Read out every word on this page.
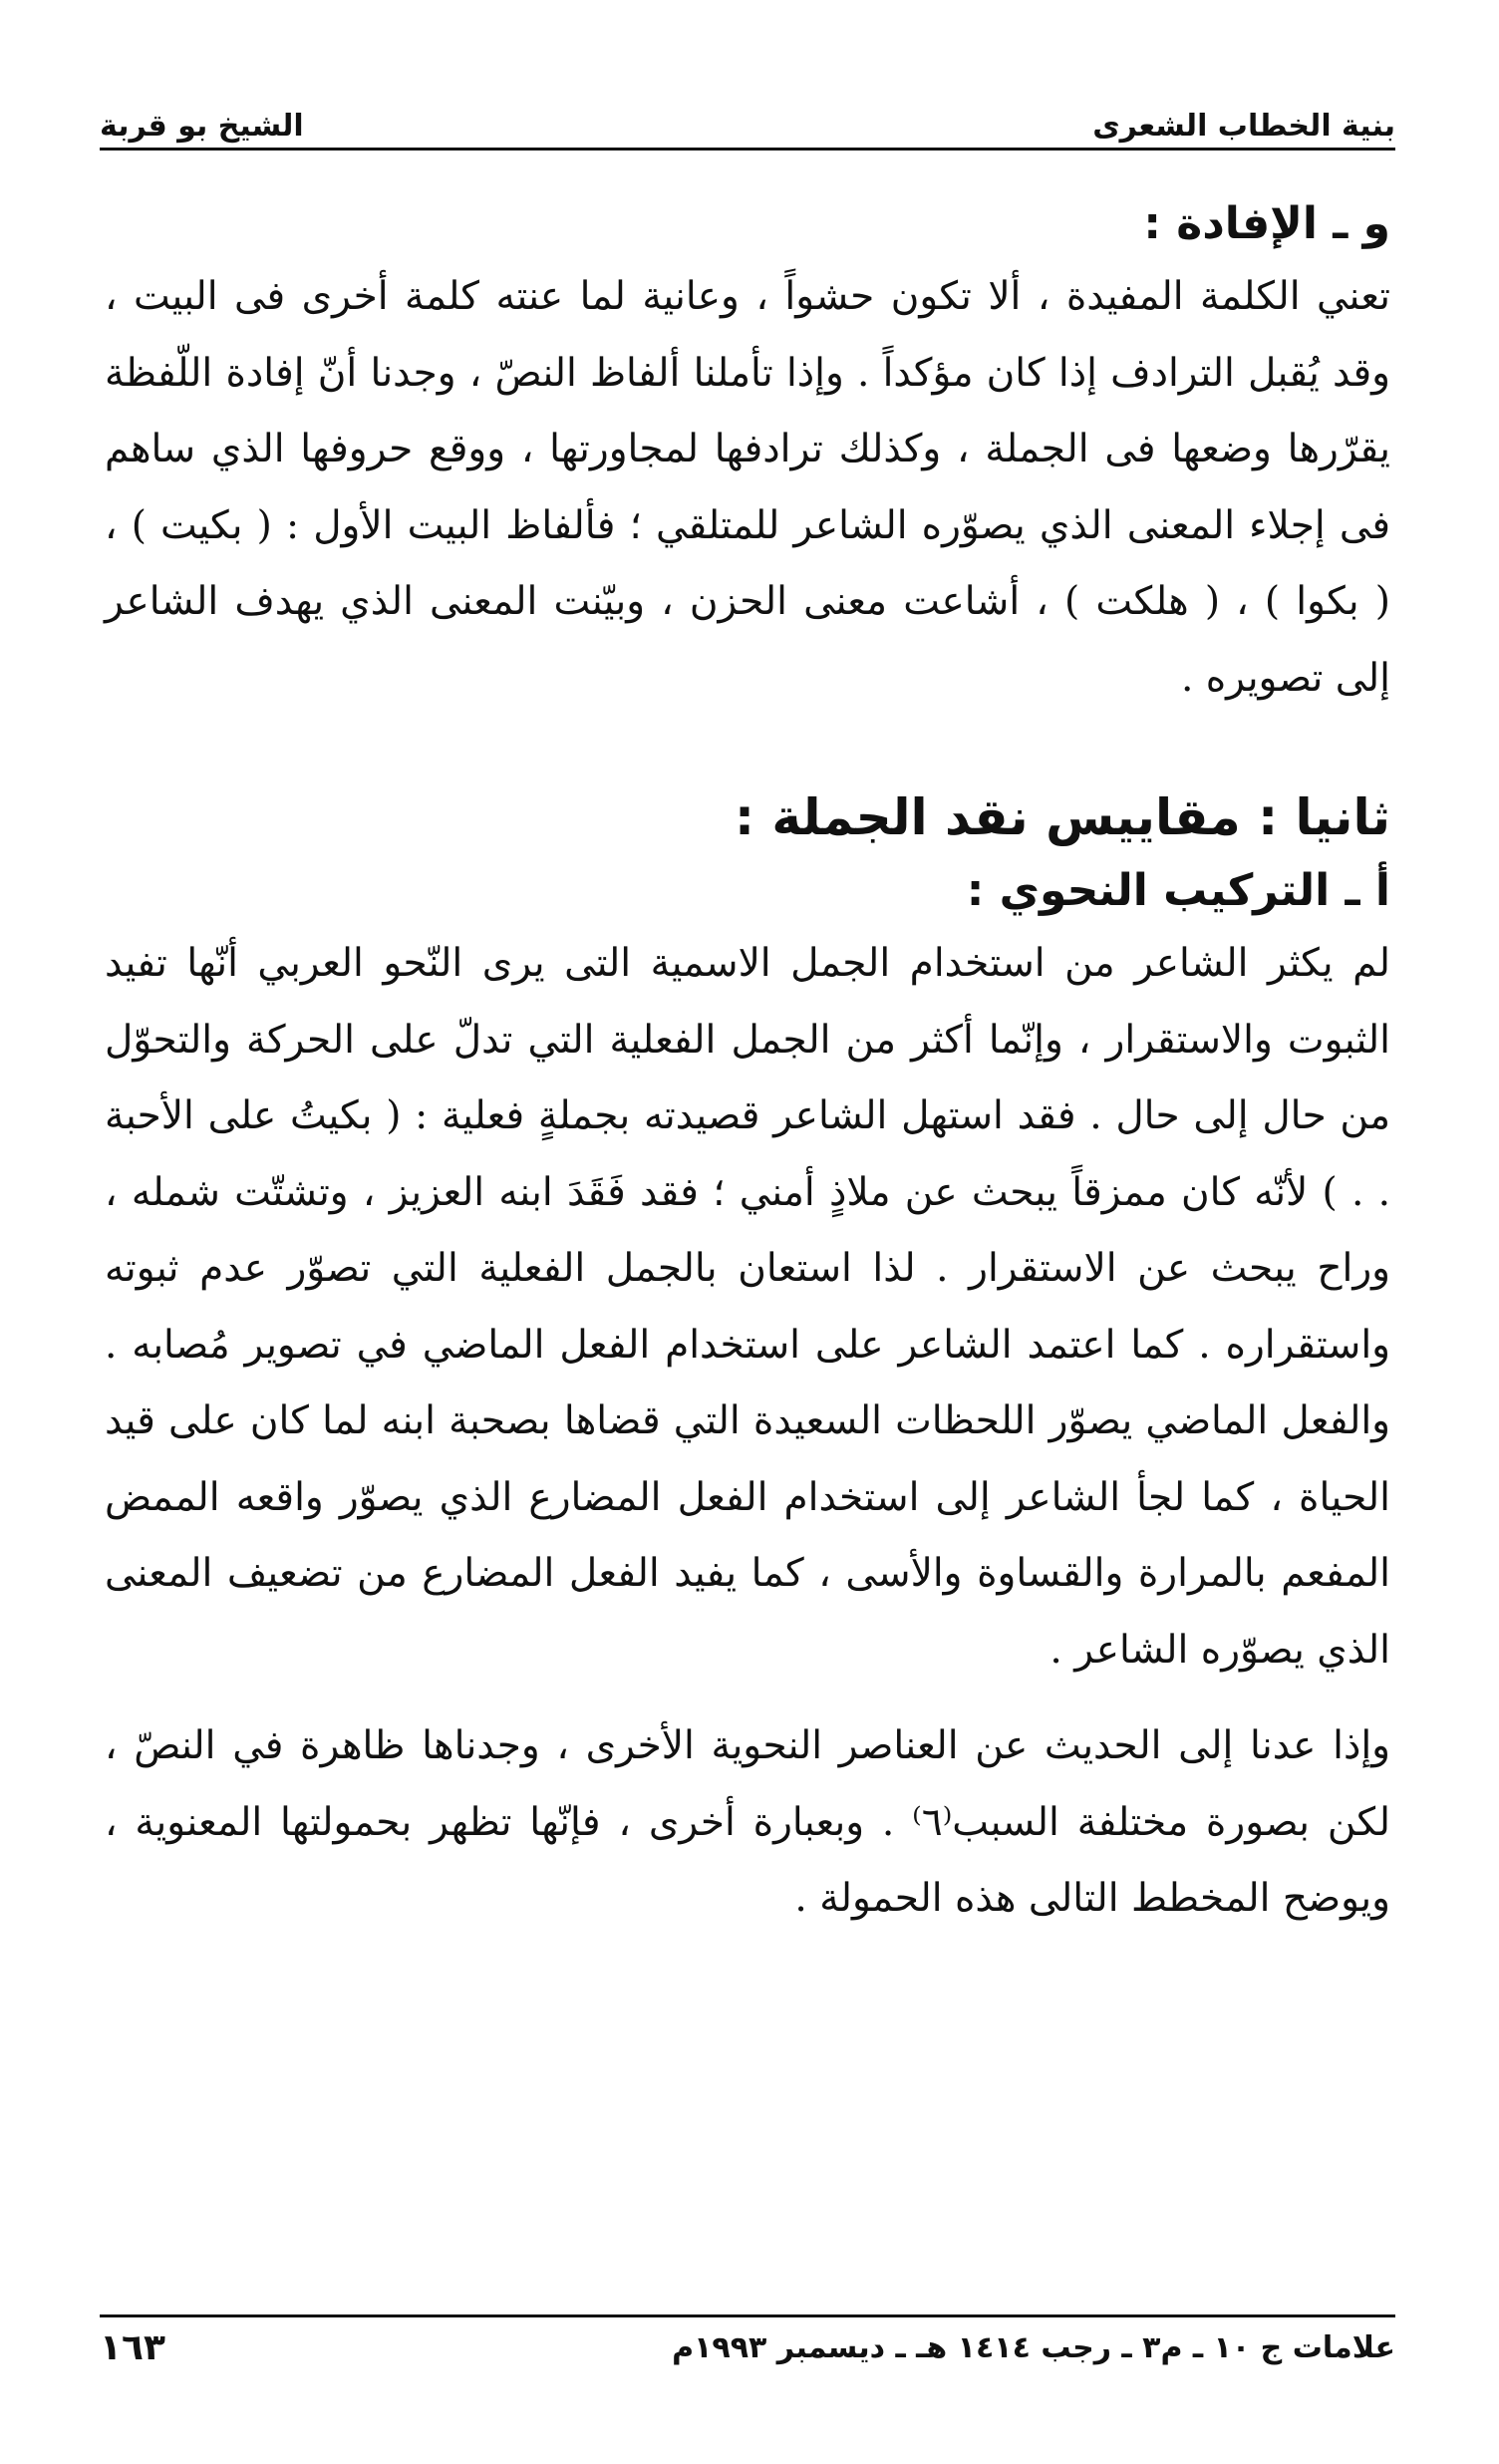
بنية الخطاب الشعرى
الشيخ بو قربة
و ـ الإفادة :

تعني الكلمة المفيدة ، ألا تكون حشواً ، وعانية لما عنته كلمة أخرى فى البيت ، وقد يُقبل الترادف إذا كان مؤكداً . وإذا تأملنا ألفاظ النصّ ، وجدنا أنّ إفادة اللّفظة يقرّرها وضعها فى الجملة ، وكذلك ترادفها لمجاورتها ، ووقع حروفها الذي ساهم فى إجلاء المعنى الذي يصوّره الشاعر للمتلقي ؛ فألفاظ البيت الأول : ( بكيت ) ، ( بكوا ) ، ( هلكت ) ، أشاعت معنى الحزن ، وبيّنت المعنى الذي يهدف الشاعر إلى تصويره .

ثانيا : مقاييس نقد الجملة :
أ ـ التركيب النحوي :

لم يكثر الشاعر من استخدام الجمل الاسمية التى يرى النّحو العربي أنّها تفيد الثبوت والاستقرار ، وإنّما أكثر من الجمل الفعلية التي تدلّ على الحركة والتحوّل من حال إلى حال . فقد استهل الشاعر قصيدته بجملةٍ فعلية : ( بكيتُ على الأحبة . . ) لأنّه كان ممزقاً يبحث عن ملاذٍ أمني ؛ فقد فَقَدَ ابنه العزيز ، وتشتّت شمله ، وراح يبحث عن الاستقرار . لذا استعان بالجمل الفعلية التي تصوّر عدم ثبوته واستقراره . كما اعتمد الشاعر على استخدام الفعل الماضي في تصوير مُصابه . والفعل الماضي يصوّر اللحظات السعيدة التي قضاها بصحبة ابنه لما كان على قيد الحياة ، كما لجأ الشاعر إلى استخدام الفعل المضارع الذي يصوّر واقعه الممض المفعم بالمرارة والقساوة والأسى ، كما يفيد الفعل المضارع من تضعيف المعنى الذي يصوّره الشاعر .

وإذا عدنا إلى الحديث عن العناصر النحوية الأخرى ، وجدناها ظاهرة في النصّ ، لكن بصورة مختلفة السبب⁽٦⁾ . وبعبارة أخرى ، فإنّها تظهر بحمولتها المعنوية ، ويوضح المخطط التالى هذه الحمولة .

علامات ج ١٠ ـ م٣ ـ رجب ١٤١٤ هـ ـ ديسمبر ١٩٩٣م
١٦٣
